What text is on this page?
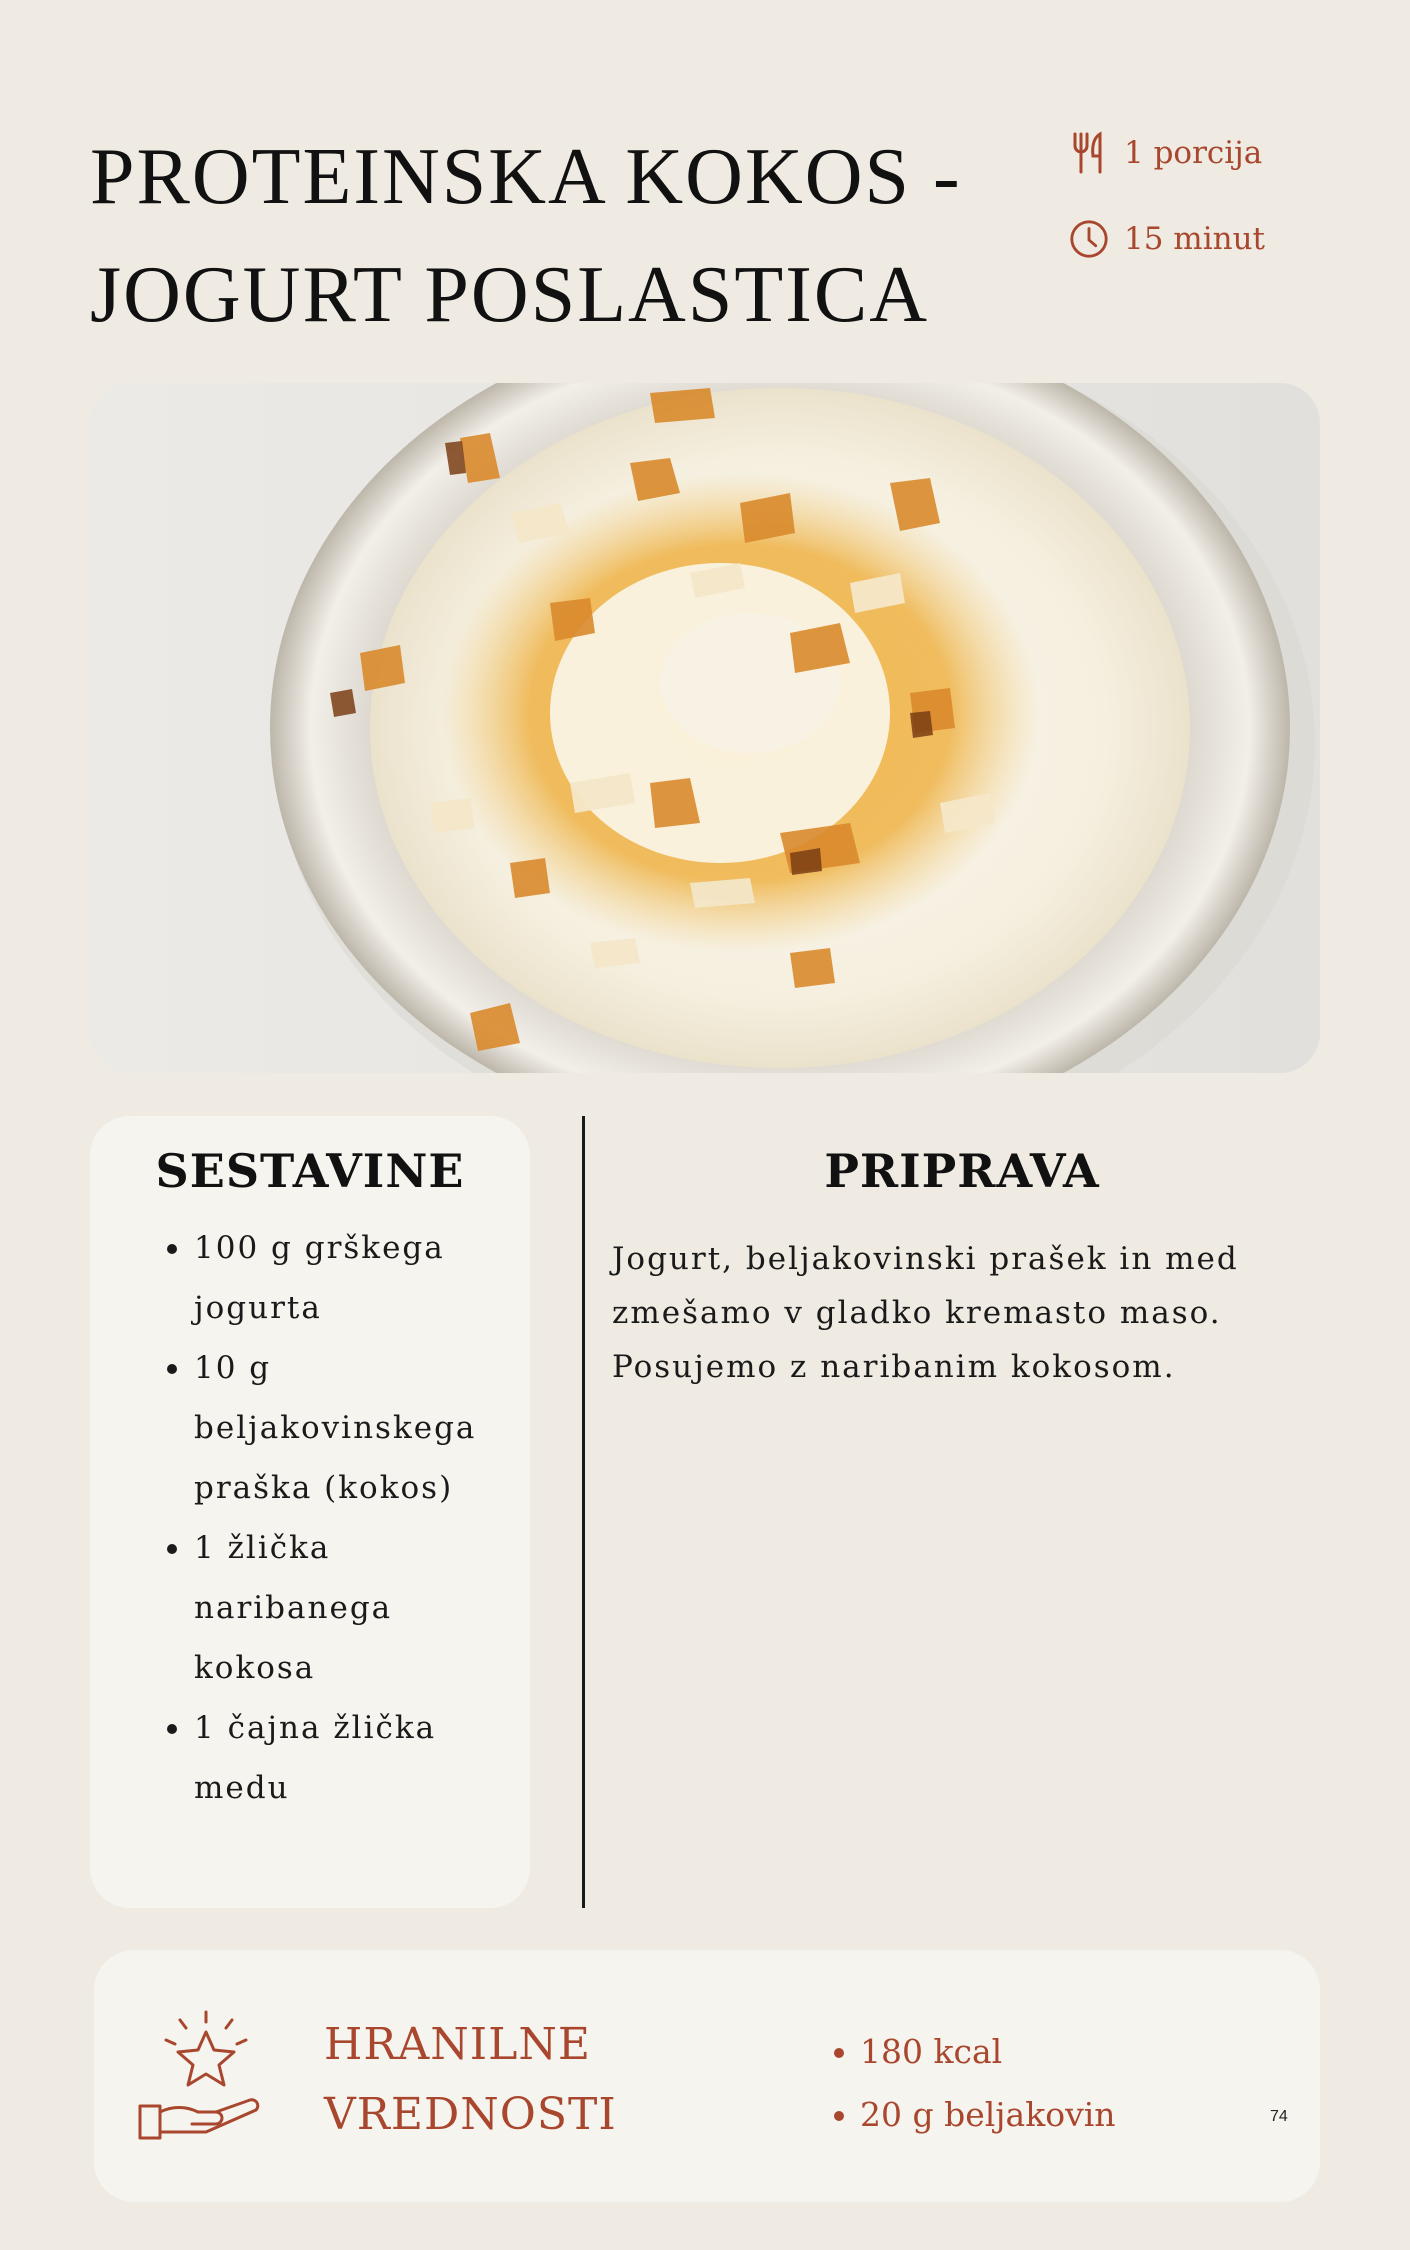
PROTEINSKA KOKOS -
JOGURT POSLASTICA
1 porcija
15 minut
SESTAVINE
100 g grškega jogurta
10 g beljakovinskega praška (kokos)
1 žlička naribanega kokosa
1 čajna žlička medu
PRIPRAVA

Jogurt, beljakovinski prašek in med zmešamo v gladko kremasto maso. Posujemo z naribanim kokosom.

HRANILNE
VREDNOSTI
180 kcal
20 g beljakovin	74
